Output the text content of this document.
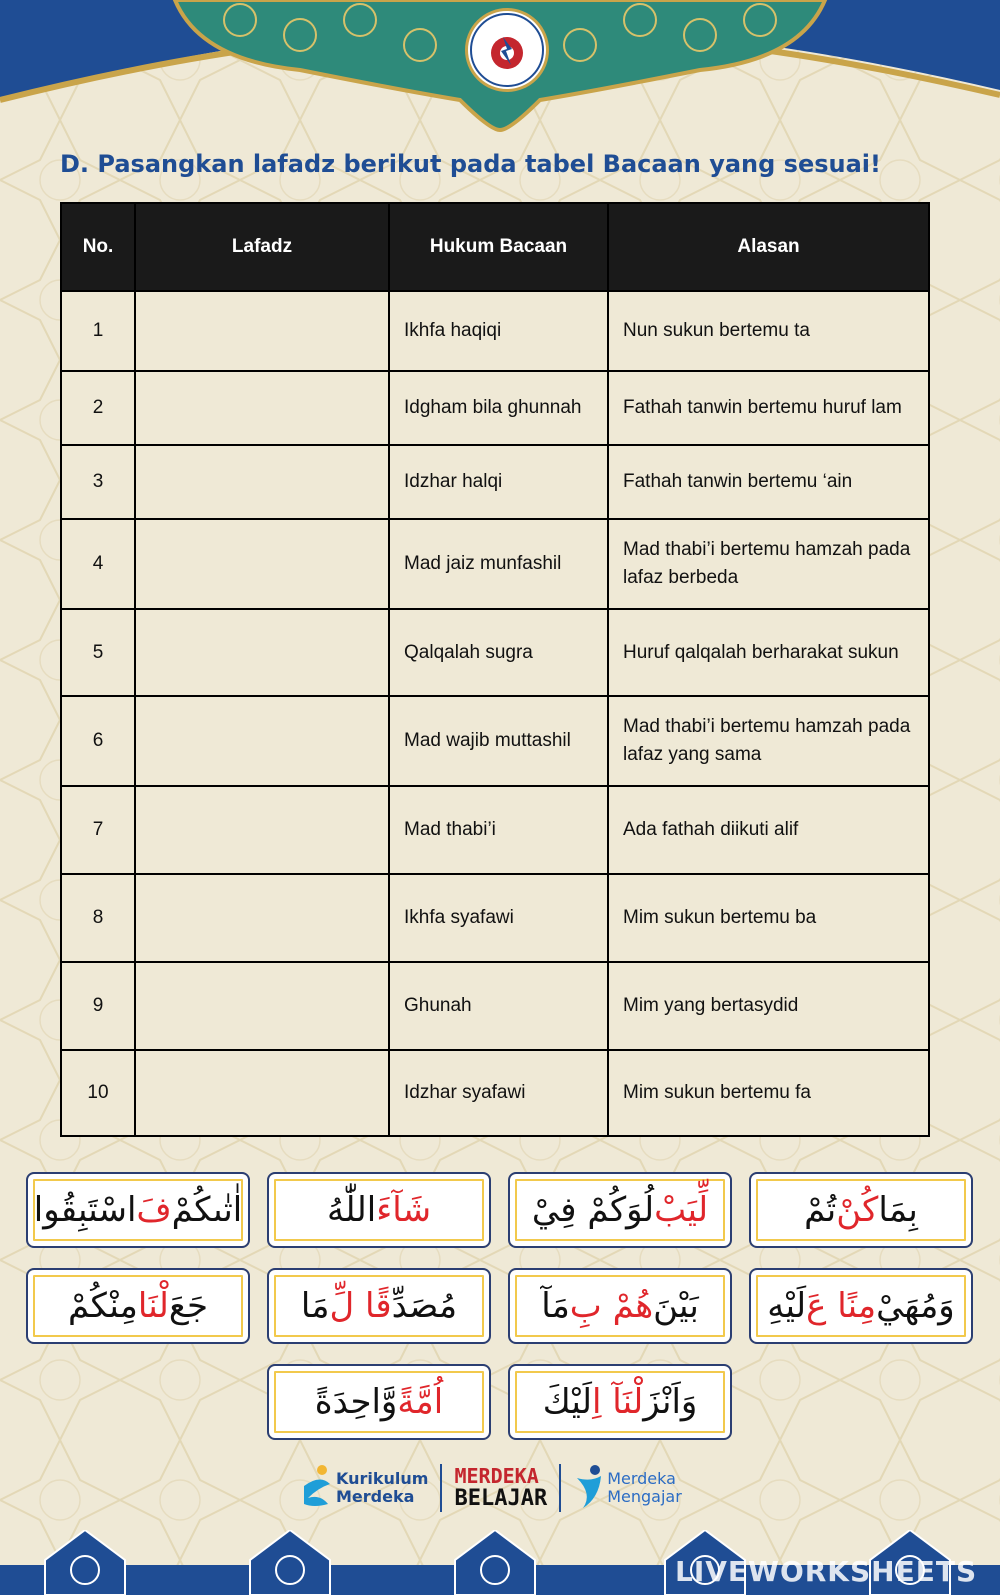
D. Pasangkan lafadz berikut pada tabel Bacaan yang sesuai!
No.	Lafadz	Hukum Bacaan	Alasan
1		Ikhfa haqiqi	Nun sukun bertemu ta
2		Idgham bila ghunnah	Fathah tanwin bertemu huruf lam
3		Idzhar halqi	Fathah tanwin bertemu ‘ain
4		Mad jaiz munfashil	Mad thabi’i bertemu hamzah pada lafaz berbeda
5		Qalqalah sugra	Huruf qalqalah berharakat sukun
6		Mad wajib muttashil	Mad thabi’i bertemu hamzah pada lafaz yang sama
7		Mad thabi’i	Ada fathah diikuti alif
8		Ikhfa syafawi	Mim sukun bertemu ba
9		Ghunah	Mim yang bertasydid
10		Idzhar syafawi	Mim sukun bertemu fa
اٰتٰىكُمْ
فَ
اسْتَبِقُوا	شَآءَ
اللّٰهُ	لِّيَبْ
لُوَكُمْ فِيْ	بِمَا
كُنْ
تُمْ
جَعَ
لْنَا
مِنْكُمْ	مُصَدِّ
قًا لِّ
مَا	بَيْنَ
هُمْ بِ
مَآ	وَمُهَيْ
مِنًا عَ
لَيْهِ
اُمَّةً
وَّاحِدَةً	وَاَنْزَ
لْنَآ اِ
لَيْكَ
Kurikulum
Merdeka
MERDEKA
BELAJAR
Merdeka
Mengajar
LIVEWORKSHEETS
